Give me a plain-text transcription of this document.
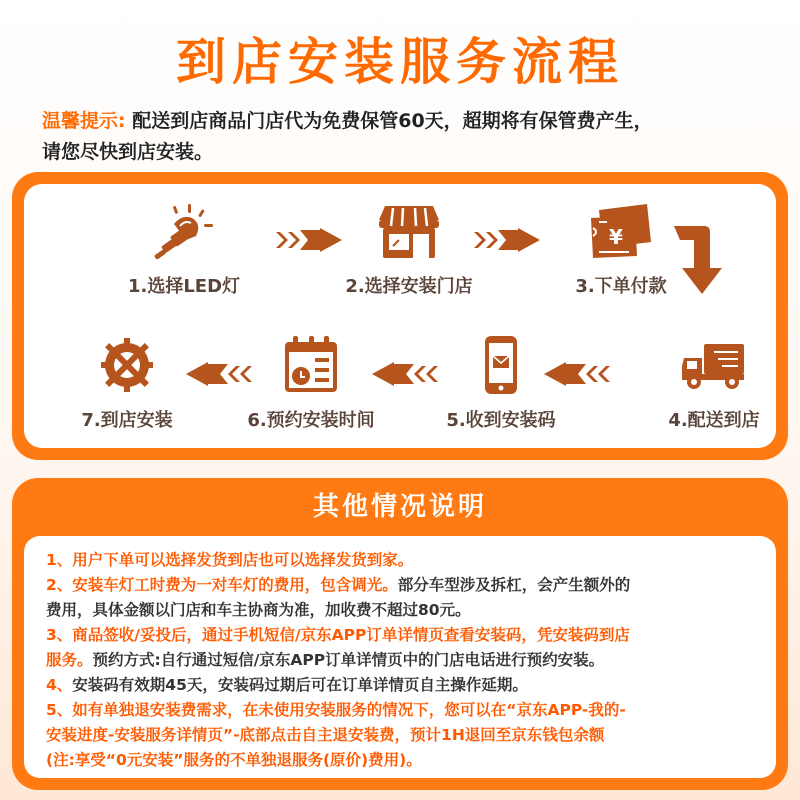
到店安装服务流程
温馨提示: 配送到店商品门店代为免费保管60天，超期将有保管费产生，
请您尽快到店安装。
1.选择LED灯	2.选择安装门店
¥
3.下单付款
4.配送到店
5.收到安装码
6.预约安装时间
7.到店安装
其他情况说明
1、用户下单可以选择发货到店也可以选择发货到家。
2、安装车灯工时费为一对车灯的费用，包含调光。部分车型涉及拆杠，会产生额外的
费用，具体金额以门店和车主协商为准，加收费不超过80元。
3、商品签收/妥投后，通过手机短信/京东APP订单详情页查看安装码，凭安装码到店
服务。预约方式:自行通过短信/京东APP订单详情页中的门店电话进行预约安装。
4、安装码有效期45天，安装码过期后可在订单详情页自主操作延期。
5、如有单独退安装费需求，在未使用安装服务的情况下，您可以在“京东APP-我的-
安装进度-安装服务详情页”-底部点击自主退安装费，预计1H退回至京东钱包余额
(注:享受“0元安装”服务的不单独退服务(原价)费用)。
